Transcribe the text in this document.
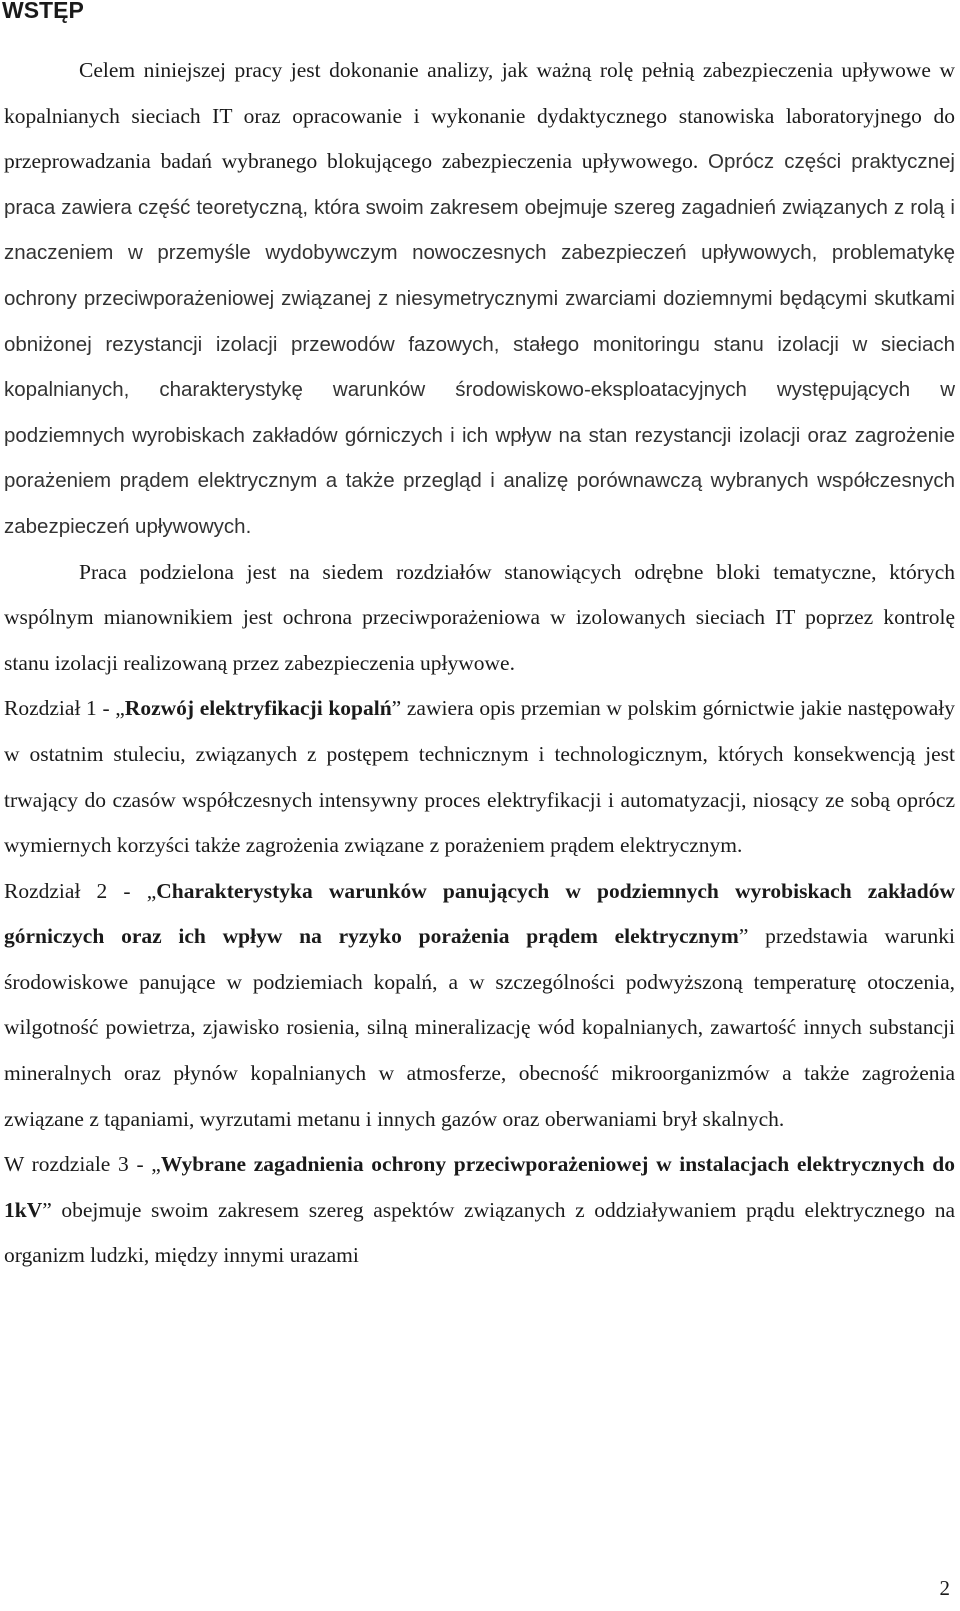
WSTĘP

Celem niniejszej pracy jest dokonanie analizy, jak ważną rolę pełnią zabezpieczenia upływowe w kopalnianych sieciach IT oraz opracowanie i wykonanie dydaktycznego stanowiska laboratoryjnego do przeprowadzania badań wybranego blokującego zabezpieczenia upływowego. Oprócz części praktycznej praca zawiera część teoretyczną, która swoim zakresem obejmuje szereg zagadnień związanych z rolą i znaczeniem w przemyśle wydobywczym nowoczesnych zabezpieczeń upływowych, problematykę ochrony przeciwporażeniowej związanej z niesymetrycznymi zwarciami doziemnymi będącymi skutkami obniżonej rezystancji izolacji przewodów fazowych, stałego monitoringu stanu izolacji w sieciach kopalnianych, charakterystykę warunków środowiskowo-eksploatacyjnych występujących w podziemnych wyrobiskach zakładów górniczych i ich wpływ na stan rezystancji izolacji oraz zagrożenie porażeniem prądem elektrycznym a także przegląd i analizę porównawczą wybranych współczesnych zabezpieczeń upływowych.

Praca podzielona jest na siedem rozdziałów stanowiących odrębne bloki tematyczne, których wspólnym mianownikiem jest ochrona przeciwporażeniowa w izolowanych sieciach IT poprzez kontrolę stanu izolacji realizowaną przez zabezpieczenia upływowe.

Rozdział 1 - „Rozwój elektryfikacji kopalń” zawiera opis przemian w polskim górnictwie jakie następowały w ostatnim stuleciu, związanych z postępem technicznym i technologicznym, których konsekwencją jest trwający do czasów współczesnych intensywny proces elektryfikacji i automatyzacji, niosący ze sobą oprócz wymiernych korzyści także zagrożenia związane z porażeniem prądem elektrycznym.

Rozdział 2 - „Charakterystyka warunków panujących w podziemnych wyrobiskach zakładów górniczych oraz ich wpływ na ryzyko porażenia prądem elektrycznym” przedstawia warunki środowiskowe panujące w podziemiach kopalń, a w szczególności podwyższoną temperaturę otoczenia, wilgotność powietrza, zjawisko rosienia, silną mineralizację wód kopalnianych, zawartość innych substancji mineralnych oraz płynów kopalnianych w atmosferze, obecność mikroorganizmów a także zagrożenia związane z tąpaniami, wyrzutami metanu i innych gazów oraz oberwaniami brył skalnych.

W rozdziale 3 - „Wybrane zagadnienia ochrony przeciwporażeniowej w instalacjach elektrycznych do 1kV” obejmuje swoim zakresem szereg aspektów związanych z oddziaływaniem prądu elektrycznego na organizm ludzki, między innymi urazami

2
